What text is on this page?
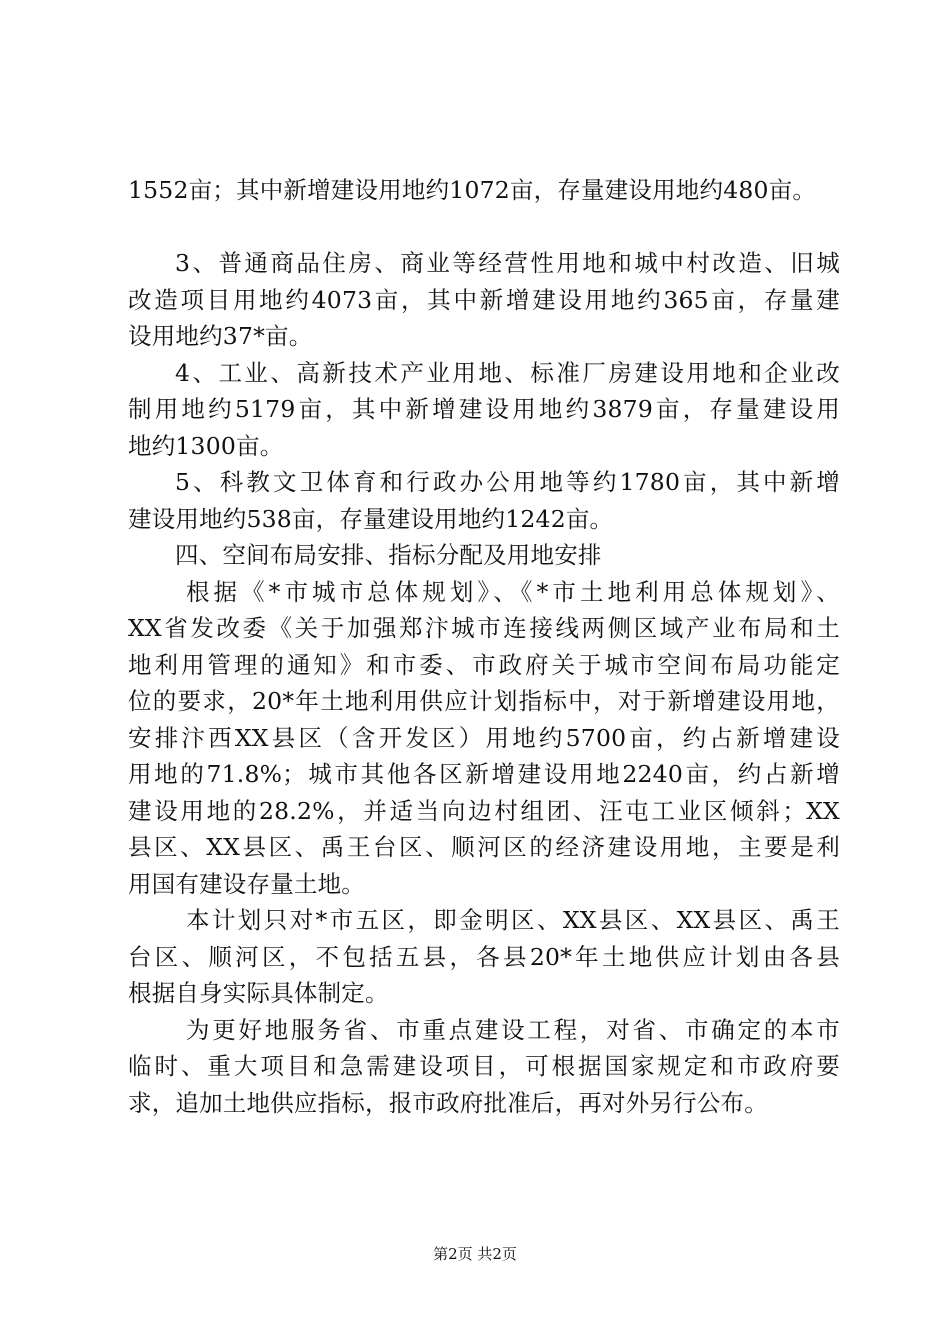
1552亩；其中新增建设用地约1072亩，存量建设用地约480亩。
3、普通商品住房、商业等经营性用地和城中村改造、旧城
改造项目用地约4073亩，其中新增建设用地约365亩，存量建
设用地约37*亩。
4、工业、高新技术产业用地、标准厂房建设用地和企业改
制用地约5179亩，其中新增建设用地约3879亩，存量建设用
地约1300亩。
5、科教文卫体育和行政办公用地等约1780亩，其中新增
建设用地约538亩，存量建设用地约1242亩。
四、空间布局安排、指标分配及用地安排
根据《*市城市总体规划》、《*市土地利用总体规划》、
XX省发改委《关于加强郑汴城市连接线两侧区域产业布局和土
地利用管理的通知》和市委、市政府关于城市空间布局功能定
位的要求，20*年土地利用供应计划指标中，对于新增建设用地，
安排汴西XX县区（含开发区）用地约5700亩，约占新增建设
用地的71.8%；城市其他各区新增建设用地2240亩，约占新增
建设用地的28.2%，并适当向边村组团、汪屯工业区倾斜；XX
县区、XX县区、禹王台区、顺河区的经济建设用地，主要是利
用国有建设存量土地。
本计划只对*市五区，即金明区、XX县区、XX县区、禹王
台区、顺河区，不包括五县，各县20*年土地供应计划由各县
根据自身实际具体制定。
为更好地服务省、市重点建设工程，对省、市确定的本市
临时、重大项目和急需建设项目，可根据国家规定和市政府要
求，追加土地供应指标，报市政府批准后，再对外另行公布。
第2页 共2页
